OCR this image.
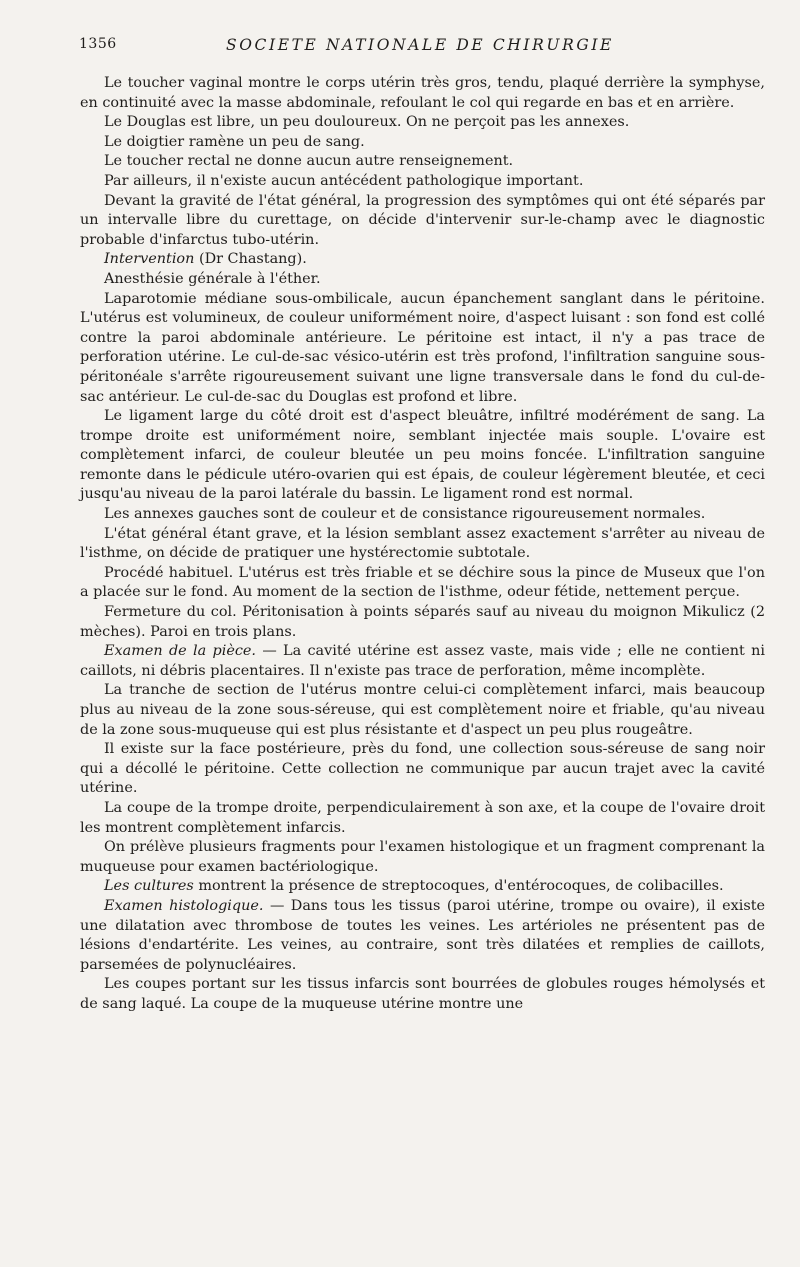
1356	SOCIETE NATIONALE DE CHIRURGIE

Le toucher vaginal montre le corps utérin très gros, tendu, plaqué derrière la symphyse, en continuité avec la masse abdominale, refoulant le col qui regarde en bas et en arrière.

Le Douglas est libre, un peu douloureux. On ne perçoit pas les annexes.

Le doigtier ramène un peu de sang.

Le toucher rectal ne donne aucun autre renseignement.

Par ailleurs, il n'existe aucun antécédent pathologique important.

Devant la gravité de l'état général, la progression des symptômes qui ont été séparés par un intervalle libre du curettage, on décide d'intervenir sur-le-champ avec le diagnostic probable d'infarctus tubo-utérin.

Intervention (Dr Chastang).

Anesthésie générale à l'éther.

Laparotomie médiane sous-ombilicale, aucun épanchement sanglant dans le péritoine. L'utérus est volumineux, de couleur uniformément noire, d'aspect luisant : son fond est collé contre la paroi abdominale antérieure. Le péritoine est intact, il n'y a pas trace de perforation utérine. Le cul-de-sac vésico-utérin est très profond, l'infiltration sanguine sous-péritonéale s'arrête rigoureusement suivant une ligne transversale dans le fond du cul-de-sac antérieur. Le cul-de-sac du Douglas est profond et libre.

Le ligament large du côté droit est d'aspect bleuâtre, infiltré modérément de sang. La trompe droite est uniformément noire, semblant injectée mais souple. L'ovaire est complètement infarci, de couleur bleutée un peu moins foncée. L'infiltration sanguine remonte dans le pédicule utéro-ovarien qui est épais, de couleur légèrement bleutée, et ceci jusqu'au niveau de la paroi latérale du bassin. Le ligament rond est normal.

Les annexes gauches sont de couleur et de consistance rigoureusement normales.

L'état général étant grave, et la lésion semblant assez exactement s'arrêter au niveau de l'isthme, on décide de pratiquer une hystérectomie subtotale.

Procédé habituel. L'utérus est très friable et se déchire sous la pince de Museux que l'on a placée sur le fond. Au moment de la section de l'isthme, odeur fétide, nettement perçue.

Fermeture du col. Péritonisation à points séparés sauf au niveau du moignon Mikulicz (2 mèches). Paroi en trois plans.

Examen de la pièce. — La cavité utérine est assez vaste, mais vide ; elle ne contient ni caillots, ni débris placentaires. Il n'existe pas trace de perforation, même incomplète.

La tranche de section de l'utérus montre celui-ci complètement infarci, mais beaucoup plus au niveau de la zone sous-séreuse, qui est complètement noire et friable, qu'au niveau de la zone sous-muqueuse qui est plus résistante et d'aspect un peu plus rougeâtre.

Il existe sur la face postérieure, près du fond, une collection sous-séreuse de sang noir qui a décollé le péritoine. Cette collection ne communique par aucun trajet avec la cavité utérine.

La coupe de la trompe droite, perpendiculairement à son axe, et la coupe de l'ovaire droit les montrent complètement infarcis.

On prélève plusieurs fragments pour l'examen histologique et un fragment comprenant la muqueuse pour examen bactériologique.

Les cultures montrent la présence de streptocoques, d'entérocoques, de colibacilles.

Examen histologique. — Dans tous les tissus (paroi utérine, trompe ou ovaire), il existe une dilatation avec thrombose de toutes les veines. Les artérioles ne présentent pas de lésions d'endartérite. Les veines, au contraire, sont très dilatées et remplies de caillots, parsemées de polynucléaires.

Les coupes portant sur les tissus infarcis sont bourrées de globules rouges hémolysés et de sang laqué. La coupe de la muqueuse utérine montre une
